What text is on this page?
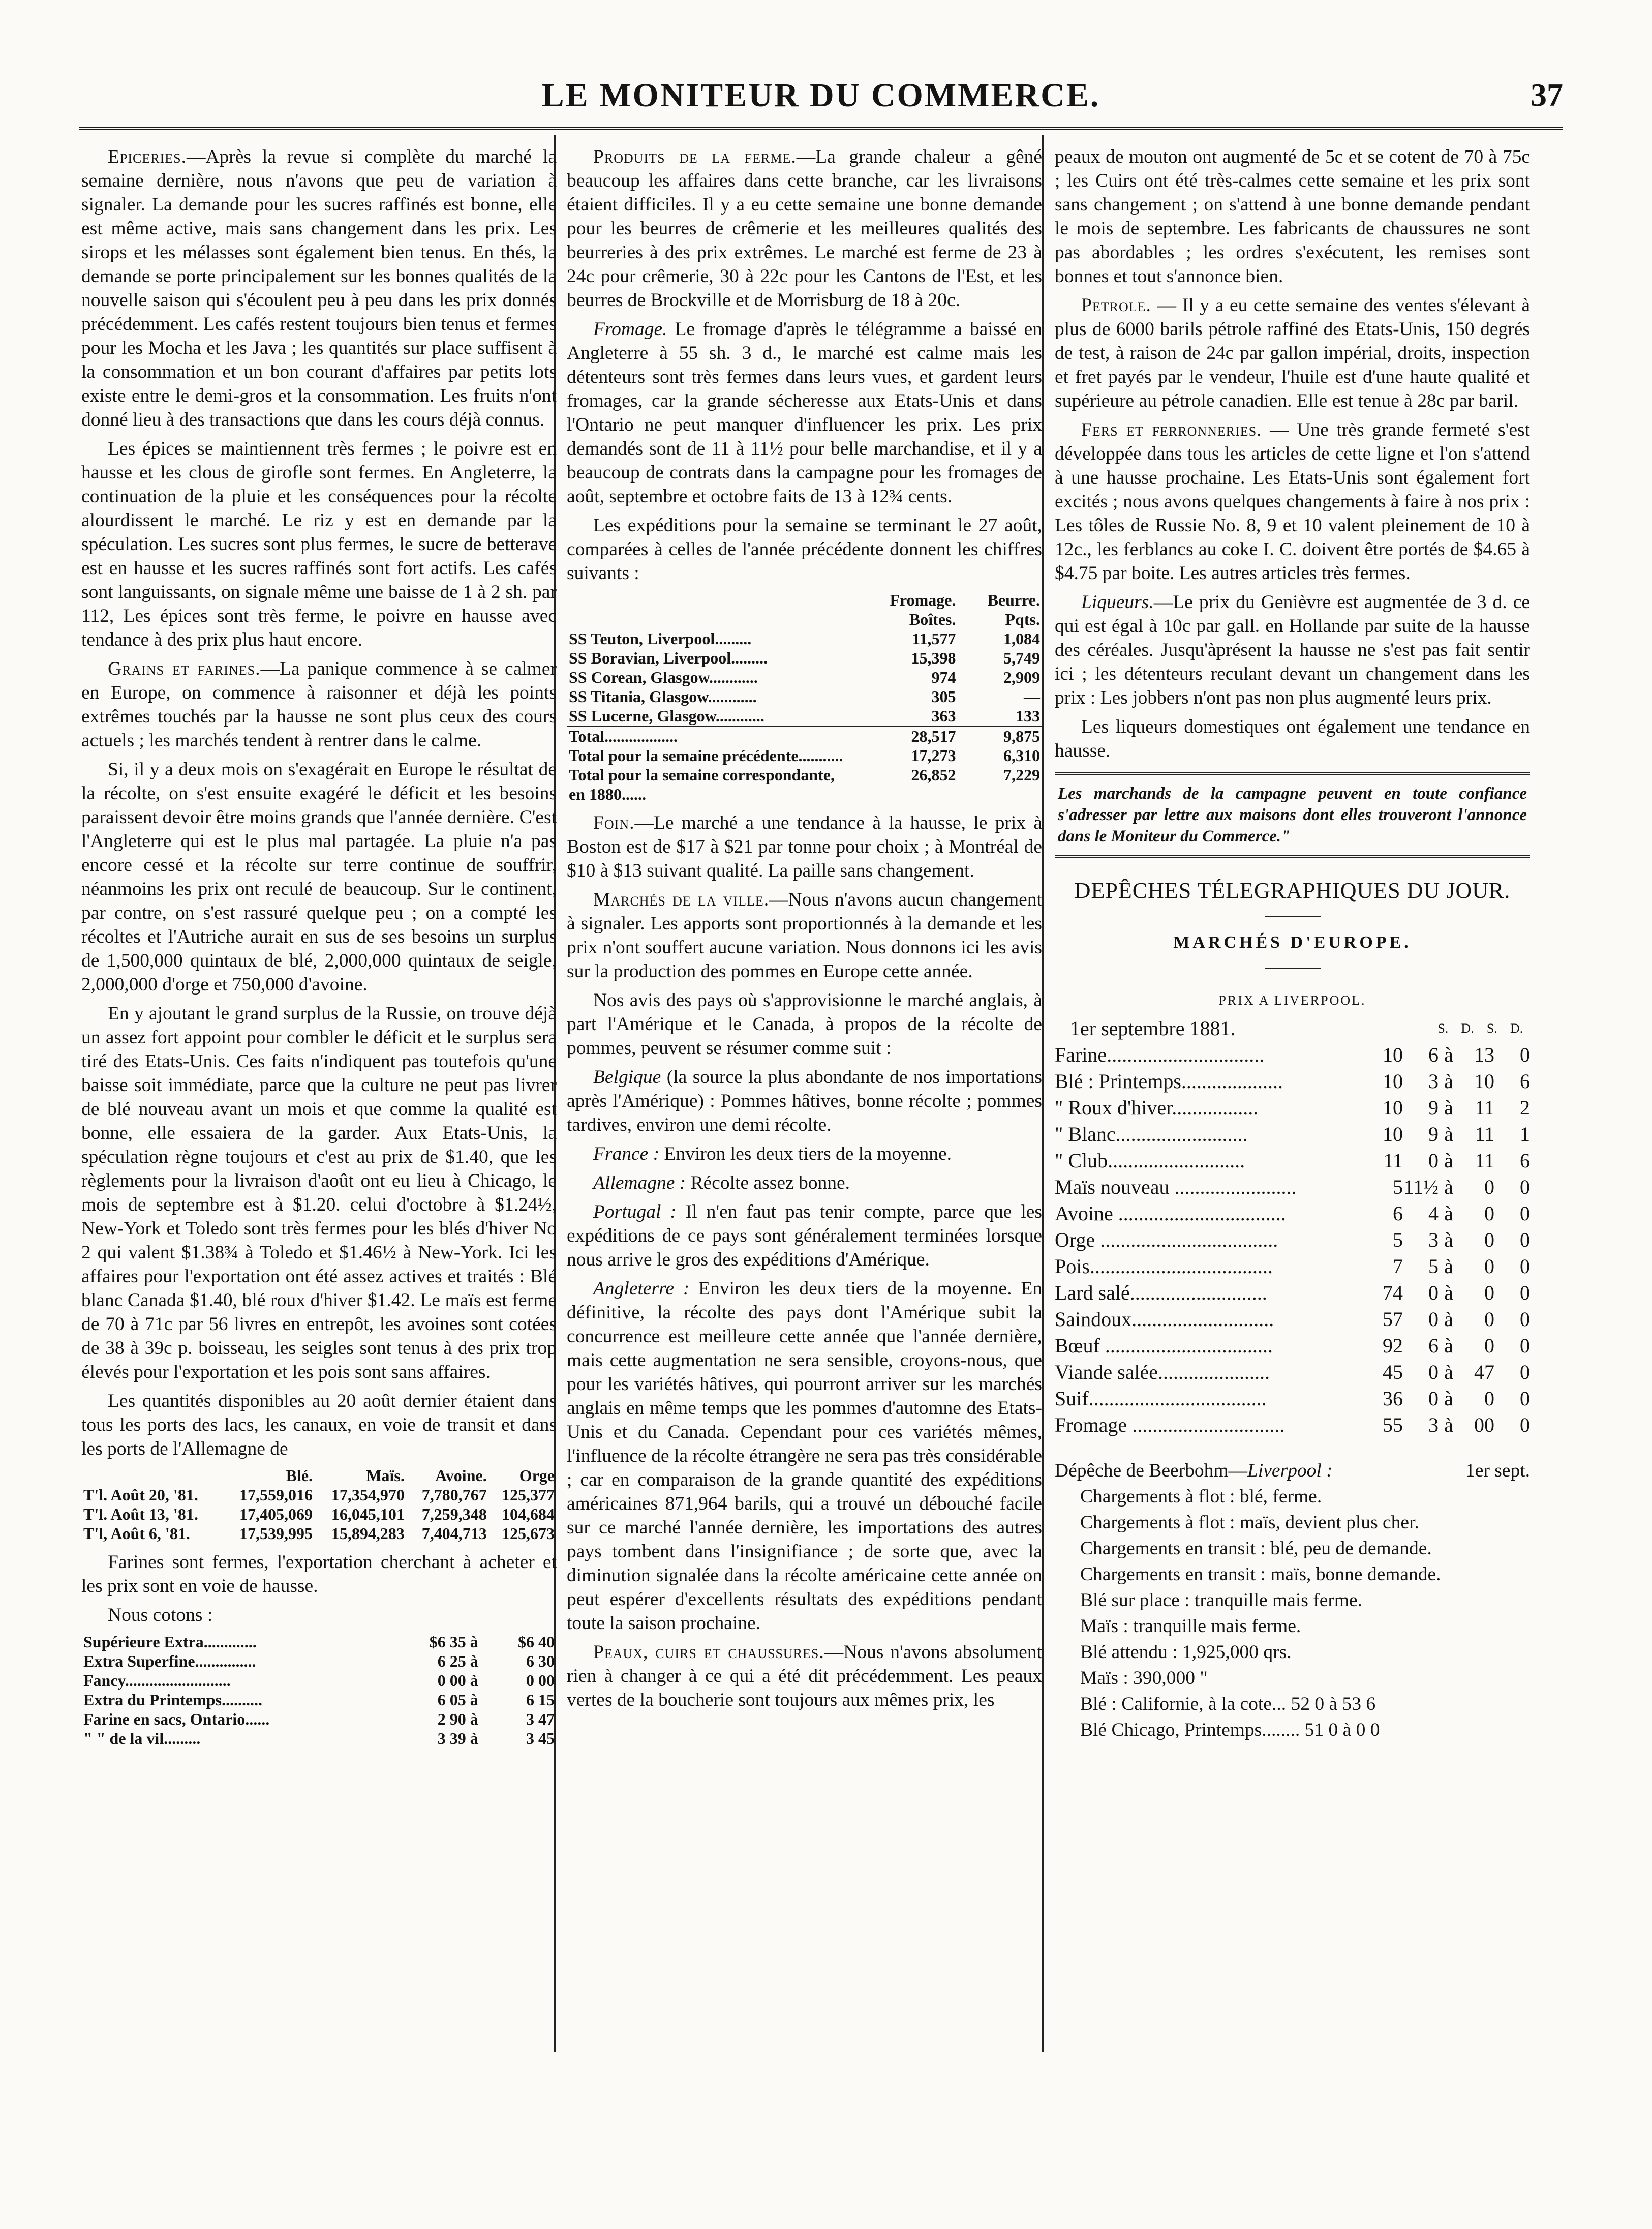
LE MONITEUR DU COMMERCE.	37

Epiceries.—Après la revue si complète du marché la semaine dernière, nous n'avons que peu de variation à signaler. La demande pour les sucres raffinés est bonne, elle est même active, mais sans changement dans les prix. Les sirops et les mélasses sont également bien tenus. En thés, la demande se porte principalement sur les bonnes qualités de la nouvelle saison qui s'écoulent peu à peu dans les prix donnés précédemment. Les cafés restent toujours bien tenus et fermes pour les Mocha et les Java ; les quantités sur place suffisent à la consommation et un bon courant d'affaires par petits lots existe entre le demi-gros et la consommation. Les fruits n'ont donné lieu à des transactions que dans les cours déjà connus.

Les épices se maintiennent très fermes ; le poivre est en hausse et les clous de girofle sont fermes. En Angleterre, la continuation de la pluie et les conséquences pour la récolte alourdissent le marché. Le riz y est en demande par la spéculation. Les sucres sont plus fermes, le sucre de betterave est en hausse et les sucres raffinés sont fort actifs. Les cafés sont languissants, on signale même une baisse de 1 à 2 sh. par 112, Les épices sont très ferme, le poivre en hausse avec tendance à des prix plus haut encore.

Grains et farines.—La panique commence à se calmer en Europe, on commence à raisonner et déjà les points extrêmes touchés par la hausse ne sont plus ceux des cours actuels ; les marchés tendent à rentrer dans le calme.

Si, il y a deux mois on s'exagérait en Europe le résultat de la récolte, on s'est ensuite exagéré le déficit et les besoins paraissent devoir être moins grands que l'année dernière. C'est l'Angleterre qui est le plus mal partagée. La pluie n'a pas encore cessé et la récolte sur terre continue de souffrir, néanmoins les prix ont reculé de beaucoup. Sur le continent, par contre, on s'est rassuré quelque peu ; on a compté les récoltes et l'Autriche aurait en sus de ses besoins un surplus de 1,500,000 quintaux de blé, 2,000,000 quintaux de seigle, 2,000,000 d'orge et 750,000 d'avoine.

En y ajoutant le grand surplus de la Russie, on trouve déjà un assez fort appoint pour combler le déficit et le surplus sera tiré des Etats-Unis. Ces faits n'indiquent pas toutefois qu'une baisse soit immédiate, parce que la culture ne peut pas livrer de blé nouveau avant un mois et que comme la qualité est bonne, elle essaiera de la garder. Aux Etats-Unis, la spéculation règne toujours et c'est au prix de $1.40, que les règlements pour la livraison d'août ont eu lieu à Chicago, le mois de septembre est à $1.20. celui d'octobre à $1.24½, New-York et Toledo sont très fermes pour les blés d'hiver No 2 qui valent $1.38¾ à Toledo et $1.46½ à New-York. Ici les affaires pour l'exportation ont été assez actives et traités : Blé blanc Canada $1.40, blé roux d'hiver $1.42. Le maïs est ferme de 70 à 71c par 56 livres en entrepôt, les avoines sont cotées de 38 à 39c p. boisseau, les seigles sont tenus à des prix trop élevés pour l'exportation et les pois sont sans affaires.

Les quantités disponibles au 20 août dernier étaient dans tous les ports des lacs, les canaux, en voie de transit et dans les ports de l'Allemagne de

	Blé.	Maïs.	Avoine.	Orge
T'l. Août 20, '81.	17,559,016	17,354,970	7,780,767	125,377
T'l. Août 13, '81.	17,405,069	16,045,101	7,259,348	104,684
T'l, Août 6, '81.	17,539,995	15,894,283	7,404,713	125,673

Farines sont fermes, l'exportation cherchant à acheter et les prix sont en voie de hausse.

Nous cotons :

Supérieure Extra.............	$6 35	à	$6 40
Extra Superfine...............	6 25	à	6 30
Fancy..........................	0 00	à	0 00
Extra du Printemps..........	6 05	à	6 15
Farine en sacs, Ontario......	2 90	à	3 47
" " de la vil.........	3 39	à	3 45

Produits de la ferme.—La grande chaleur a gêné beaucoup les affaires dans cette branche, car les livraisons étaient difficiles. Il y a eu cette semaine une bonne demande pour les beurres de crêmerie et les meilleures qualités des beurreries à des prix extrêmes. Le marché est ferme de 23 à 24c pour crêmerie, 30 à 22c pour les Cantons de l'Est, et les beurres de Brockville et de Morrisburg de 18 à 20c.

Fromage. Le fromage d'après le télégramme a baissé en Angleterre à 55 sh. 3 d., le marché est calme mais les détenteurs sont très fermes dans leurs vues, et gardent leurs fromages, car la grande sécheresse aux Etats-Unis et dans l'Ontario ne peut manquer d'influencer les prix. Les prix demandés sont de 11 à 11½ pour belle marchandise, et il y a beaucoup de contrats dans la campagne pour les fromages de août, septembre et octobre faits de 13 à 12¾ cents.

Les expéditions pour la semaine se terminant le 27 août, comparées à celles de l'année précédente donnent les chiffres suivants :

	Fromage. Boîtes.	Beurre. Pqts.
SS Teuton, Liverpool.........	11,577	1,084
SS Boravian, Liverpool.........	15,398	5,749
SS Corean, Glasgow............	974	2,909
SS Titania, Glasgow............	305	—
SS Lucerne, Glasgow............	363	133
Total..................	28,517	9,875
Total pour la semaine précédente...........	17,273	6,310
Total pour la semaine correspondante, en 1880......	26,852	7,229

Foin.—Le marché a une tendance à la hausse, le prix à Boston est de $17 à $21 par tonne pour choix ; à Montréal de $10 à $13 suivant qualité. La paille sans changement.

Marchés de la ville.—Nous n'avons aucun changement à signaler. Les apports sont proportionnés à la demande et les prix n'ont souffert aucune variation. Nous donnons ici les avis sur la production des pommes en Europe cette année.

Nos avis des pays où s'approvisionne le marché anglais, à part l'Amérique et le Canada, à propos de la récolte de pommes, peuvent se résumer comme suit :

Belgique (la source la plus abondante de nos importations après l'Amérique) : Pommes hâtives, bonne récolte ; pommes tardives, environ une demi récolte.

France : Environ les deux tiers de la moyenne.

Allemagne : Récolte assez bonne.

Portugal : Il n'en faut pas tenir compte, parce que les expéditions de ce pays sont généralement terminées lorsque nous arrive le gros des expéditions d'Amérique.

Angleterre : Environ les deux tiers de la moyenne. En définitive, la récolte des pays dont l'Amérique subit la concurrence est meilleure cette année que l'année dernière, mais cette augmentation ne sera sensible, croyons-nous, que pour les variétés hâtives, qui pourront arriver sur les marchés anglais en même temps que les pommes d'automne des Etats-Unis et du Canada. Cependant pour ces variétés mêmes, l'influence de la récolte étrangère ne sera pas très considérable ; car en comparaison de la grande quantité des expéditions américaines 871,964 barils, qui a trouvé un débouché facile sur ce marché l'année dernière, les importations des autres pays tombent dans l'insignifiance ; de sorte que, avec la diminution signalée dans la récolte américaine cette année on peut espérer d'excellents résultats des expéditions pendant toute la saison prochaine.

Peaux, cuirs et chaussures.—Nous n'avons absolument rien à changer à ce qui a été dit précédemment. Les peaux vertes de la boucherie sont toujours aux mêmes prix, les

peaux de mouton ont augmenté de 5c et se cotent de 70 à 75c ; les Cuirs ont été très-calmes cette semaine et les prix sont sans changement ; on s'attend à une bonne demande pendant le mois de septembre. Les fabricants de chaussures ne sont pas abordables ; les ordres s'exécutent, les remises sont bonnes et tout s'annonce bien.

Petrole. — Il y a eu cette semaine des ventes s'élevant à plus de 6000 barils pétrole raffiné des Etats-Unis, 150 degrés de test, à raison de 24c par gallon impérial, droits, inspection et fret payés par le vendeur, l'huile est d'une haute qualité et supérieure au pétrole canadien. Elle est tenue à 28c par baril.

Fers et ferronneries. — Une très grande fermeté s'est développée dans tous les articles de cette ligne et l'on s'attend à une hausse prochaine. Les Etats-Unis sont également fort excités ; nous avons quelques changements à faire à nos prix : Les tôles de Russie No. 8, 9 et 10 valent pleinement de 10 à 12c., les ferblancs au coke I. C. doivent être portés de $4.65 à $4.75 par boite. Les autres articles très fermes.

Liqueurs.—Le prix du Genièvre est augmentée de 3 d. ce qui est égal à 10c par gall. en Hollande par suite de la hausse des céréales. Jusqu'àprésent la hausse ne s'est pas fait sentir ici ; les détenteurs reculant devant un changement dans les prix : Les jobbers n'ont pas non plus augmenté leurs prix.

Les liqueurs domestiques ont également une tendance en hausse.

Les marchands de la campagne peuvent en toute confiance s'adresser par lettre aux maisons dont elles trouveront l'annonce dans le Moniteur du Commerce."

DEPÊCHES TÉLEGRAPHIQUES DU JOUR.
MARCHÉS D'EUROPE.
PRIX A LIVERPOOL.
1er septembre 1881.	S.	D.		S.	D.
Farine...............................	10	6	à	13	0
Blé : Printemps....................	10	3	à	10	6
" Roux d'hiver.................	10	9	à	11	2
" Blanc..........................	10	9	à	11	1
" Club...........................	11	0	à	11	6
Maïs nouveau ........................	5	11½	à	0	0
Avoine .................................	6	4	à	0	0
Orge ...................................	5	3	à	0	0
Pois....................................	7	5	à	0	0
Lard salé...........................	74	0	à	0	0
Saindoux............................	57	0	à	0	0
Bœuf .................................	92	6	à	0	0
Viande salée......................	45	0	à	47	0
Suif...................................	36	0	à	0	0
Fromage ..............................	55	3	à	00	0

Dépêche de Beerbohm—Liverpool :	1er sept.

Chargements à flot : blé, ferme.

Chargements à flot : maïs, devient plus cher.

Chargements en transit : blé, peu de demande.

Chargements en transit : maïs, bonne demande.

Blé sur place : tranquille mais ferme.

Maïs : tranquille mais ferme.

Blé attendu : 1,925,000 qrs.

Maïs : 390,000 "

Blé : Californie, à la cote... 52 0 à 53 6

Blé Chicago, Printemps........ 51 0 à 0 0
